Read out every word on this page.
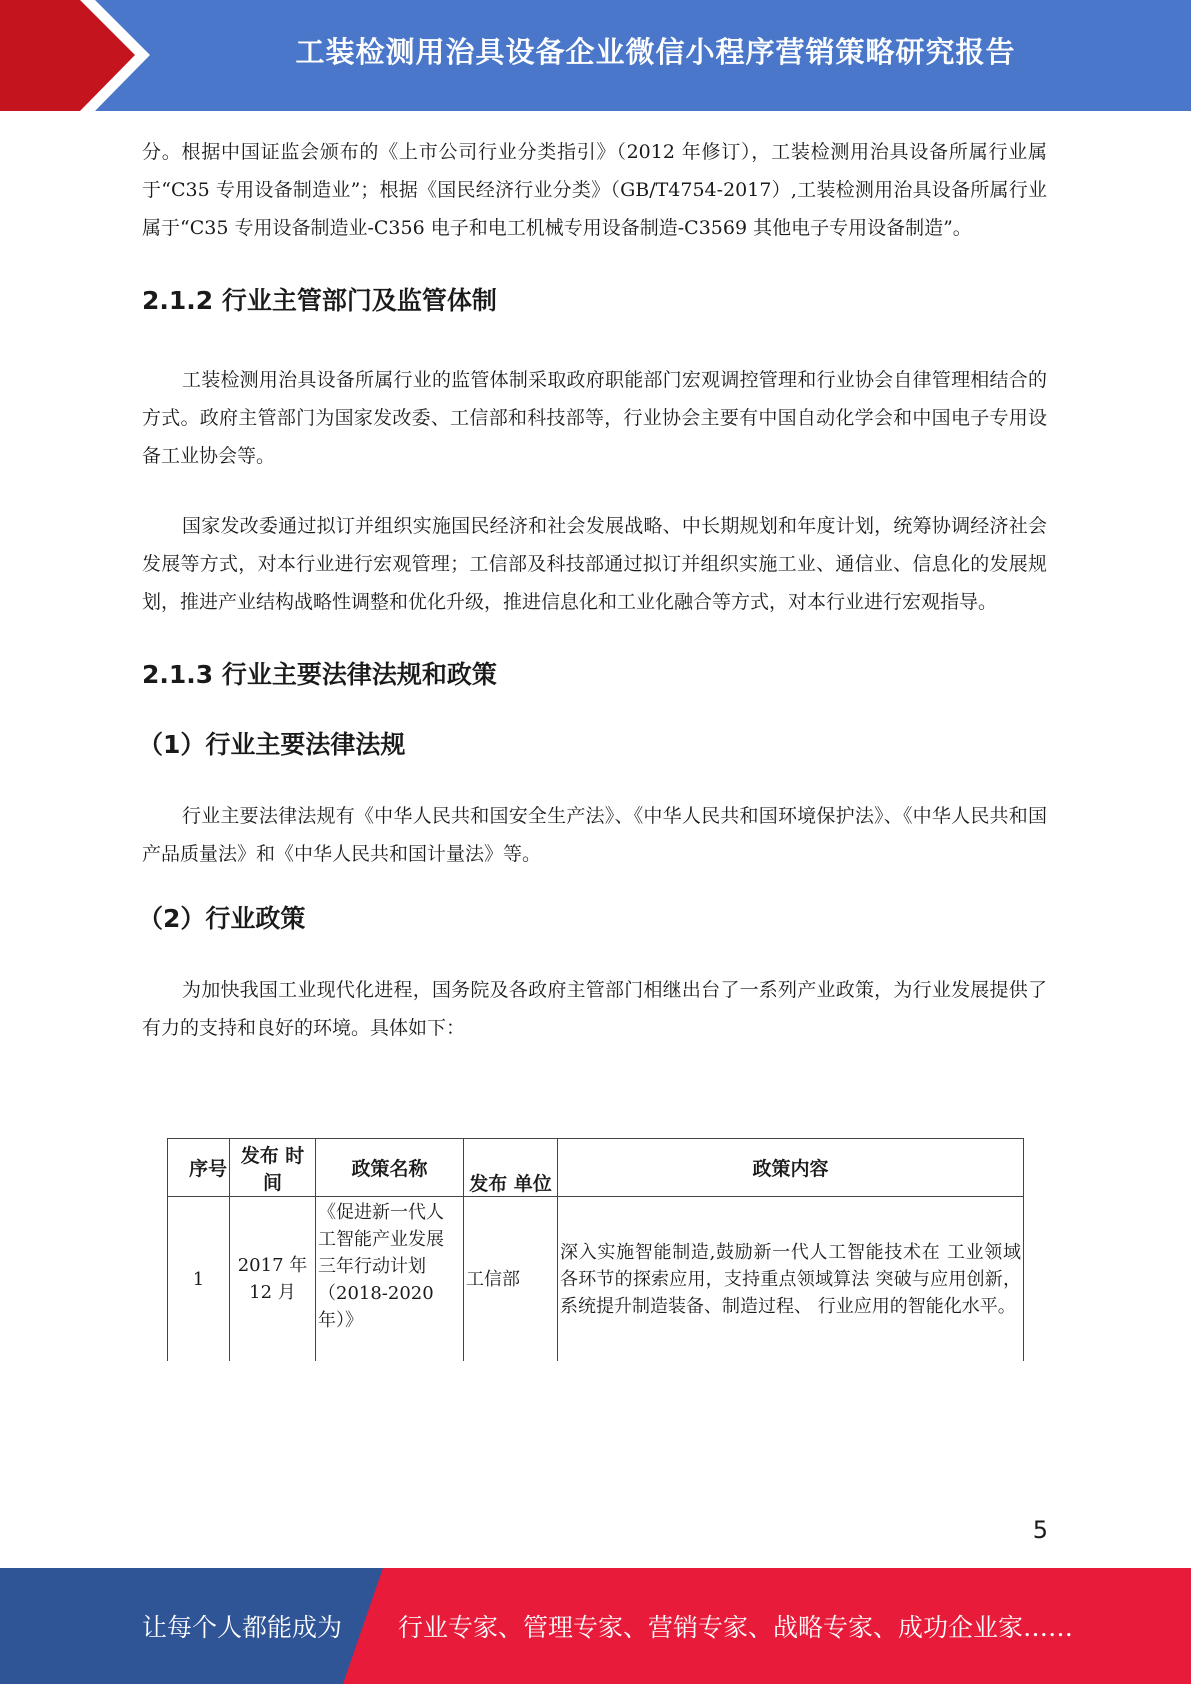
工装检测用治具设备企业微信小程序营销策略研究报告

分。根据中国证监会颁布的《上市公司行业分类指引》（2012 年修订），工装检测用治具设备所属行业属于“C35 专用设备制造业”；根据《国民经济行业分类》（GB/T4754-2017）,工装检测用治具设备所属行业属于“C35 专用设备制造业-C356 电子和电工机械专用设备制造-C3569 其他电子专用设备制造”。

2.1.2 行业主管部门及监管体制

工装检测用治具设备所属行业的监管体制采取政府职能部门宏观调控管理和行业协会自律管理相结合的方式。政府主管部门为国家发改委、工信部和科技部等，行业协会主要有中国自动化学会和中国电子专用设备工业协会等。

国家发改委通过拟订并组织实施国民经济和社会发展战略、中长期规划和年度计划，统筹协调经济社会发展等方式，对本行业进行宏观管理；工信部及科技部通过拟订并组织实施工业、通信业、信息化的发展规划，推进产业结构战略性调整和优化升级，推进信息化和工业化融合等方式，对本行业进行宏观指导。

2.1.3 行业主要法律法规和政策
（1）行业主要法律法规

行业主要法律法规有《中华人民共和国安全生产法》、《中华人民共和国环境保护法》、《中华人民共和国产品质量法》和《中华人民共和国计量法》等。

（2）行业政策

为加快我国工业现代化进程，国务院及各政府主管部门相继出台了一系列产业政策，为行业发展提供了有力的支持和良好的环境。具体如下：

序号	发布 时间	政策名称	发布 单位	政策内容
1	2017 年 12 月	《促进新一代人工智能产业发展三年行动计划（2018-2020 年）》	工信部	深入实施智能制造,鼓励新一代人工智能技术在 工业领域各环节的探索应用，支持重点领域算法 突破与应用创新，系统提升制造装备、制造过程、 行业应用的智能化水平。
5
让每个人都能成为 行业专家、管理专家、营销专家、战略专家、成功企业家……
